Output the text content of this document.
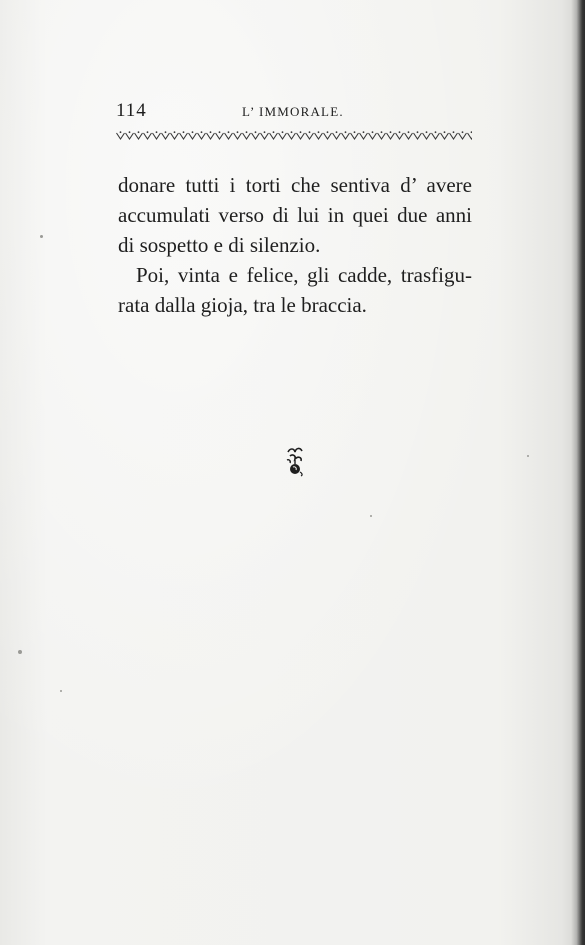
114	L’ IMMORALE.
donare tutti i torti che sentiva d’ avere
accumulati verso di lui in quei due anni
di sospetto e di silenzio.
Poi, vinta e felice, gli cadde, trasfigu-
rata dalla gioja, tra le braccia.
